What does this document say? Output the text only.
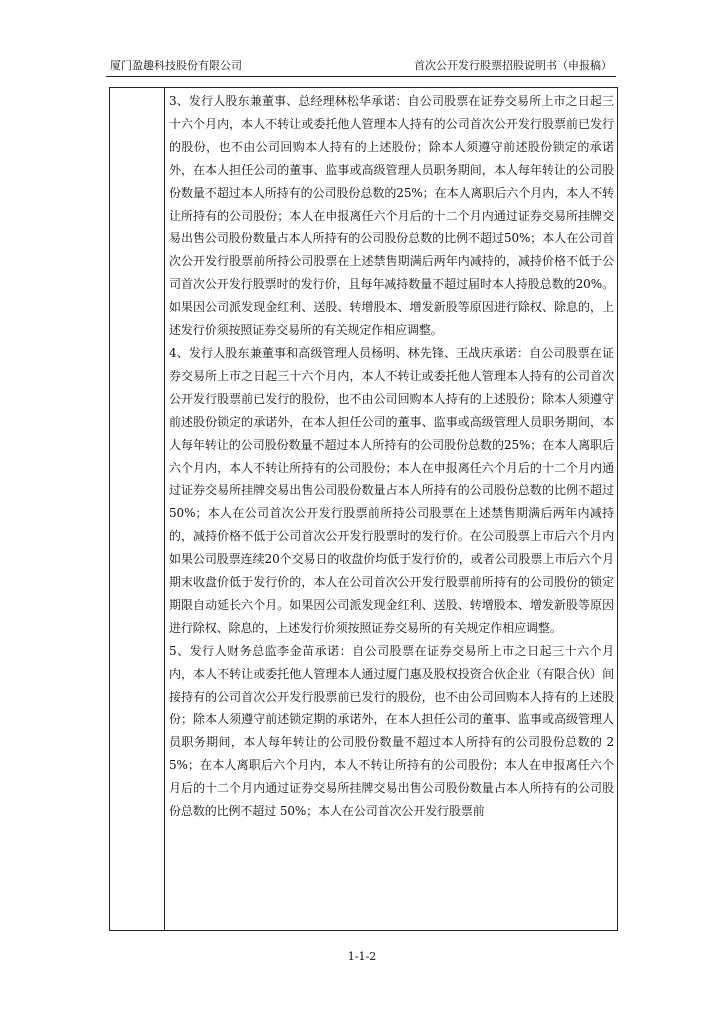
厦门盈趣科技股份有限公司	首次公开发行股票招股说明书（申报稿）

3、发行人股东兼董事、总经理林松华承诺：自公司股票在证券交易所上市之日起三十六个月内，本人不转让或委托他人管理本人持有的公司首次公开发行股票前已发行的股份，也不由公司回购本人持有的上述股份；除本人须遵守前述股份锁定的承诺外，在本人担任公司的董事、监事或高级管理人员职务期间，本人每年转让的公司股份数量不超过本人所持有的公司股份总数的25%；在本人离职后六个月内，本人不转让所持有的公司股份；本人在申报离任六个月后的十二个月内通过证券交易所挂牌交易出售公司股份数量占本人所持有的公司股份总数的比例不超过50%；本人在公司首次公开发行股票前所持公司股票在上述禁售期满后两年内减持的，减持价格不低于公司首次公开发行股票时的发行价，且每年减持数量不超过届时本人持股总数的20%。如果因公司派发现金红利、送股、转增股本、增发新股等原因进行除权、除息的，上述发行价须按照证券交易所的有关规定作相应调整。

4、发行人股东兼董事和高级管理人员杨明、林先锋、王战庆承诺：自公司股票在证券交易所上市之日起三十六个月内，本人不转让或委托他人管理本人持有的公司首次公开发行股票前已发行的股份，也不由公司回购本人持有的上述股份；除本人须遵守前述股份锁定的承诺外，在本人担任公司的董事、监事或高级管理人员职务期间，本人每年转让的公司股份数量不超过本人所持有的公司股份总数的25%；在本人离职后六个月内，本人不转让所持有的公司股份；本人在申报离任六个月后的十二个月内通过证券交易所挂牌交易出售公司股份数量占本人所持有的公司股份总数的比例不超过50%；本人在公司首次公开发行股票前所持公司股票在上述禁售期满后两年内减持的，减持价格不低于公司首次公开发行股票时的发行价。在公司股票上市后六个月内如果公司股票连续20个交易日的收盘价均低于发行价的，或者公司股票上市后六个月期末收盘价低于发行价的，本人在公司首次公开发行股票前所持有的公司股份的锁定期限自动延长六个月。如果因公司派发现金红利、送股、转增股本、增发新股等原因进行除权、除息的，上述发行价须按照证券交易所的有关规定作相应调整。

5、发行人财务总监李金苗承诺：自公司股票在证券交易所上市之日起三十六个月内，本人不转让或委托他人管理本人通过厦门惠及股权投资合伙企业（有限合伙）间接持有的公司首次公开发行股票前已发行的股份，也不由公司回购本人持有的上述股份；除本人须遵守前述锁定期的承诺外，在本人担任公司的董事、监事或高级管理人员职务期间，本人每年转让的公司股份数量不超过本人所持有的公司股份总数的 25%；在本人离职后六个月内，本人不转让所持有的公司股份；本人在申报离任六个月后的十二个月内通过证券交易所挂牌交易出售公司股份数量占本人所持有的公司股份总数的比例不超过 50%；本人在公司首次公开发行股票前

1-1-2
